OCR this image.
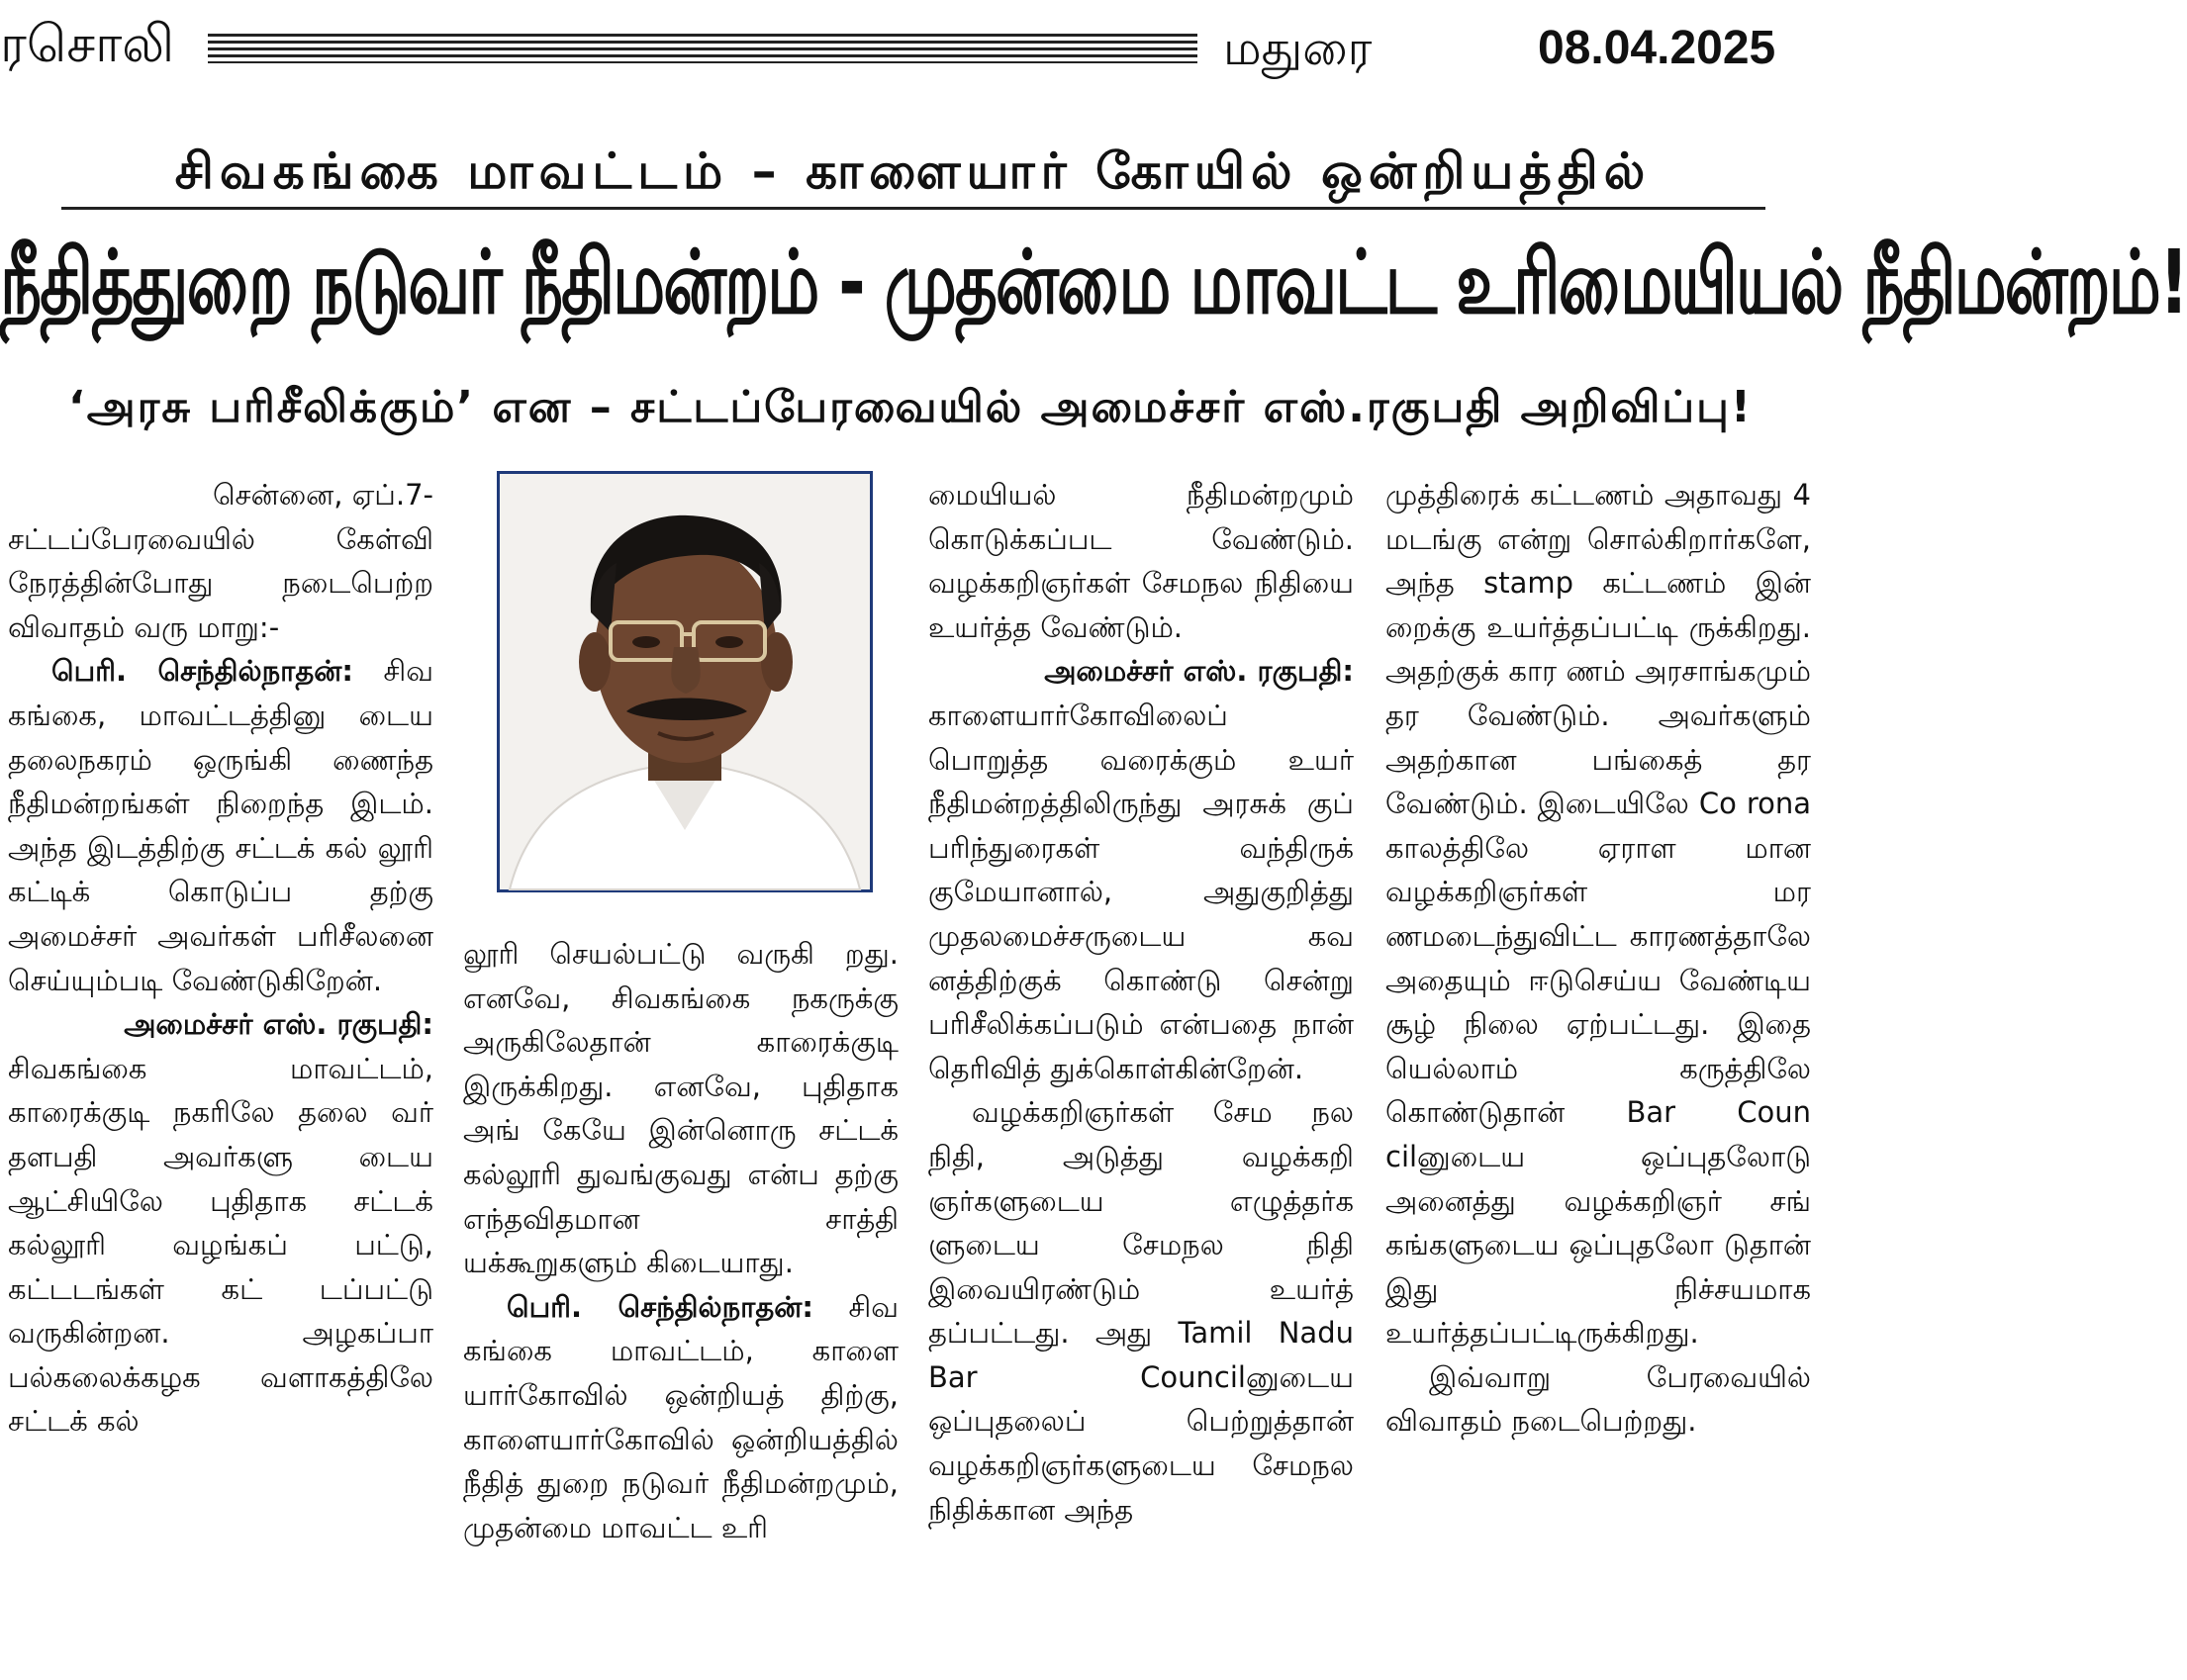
ரசொலி	மதுரை	08.04.2025
சிவகங்கை மாவட்டம் – காளையார் கோயில் ஒன்றியத்தில்
நீதித்துறை நடுவர் நீதிமன்றம் - முதன்மை மாவட்ட உரிமையியல் நீதிமன்றம்!
‘அரசு பரிசீலிக்கும்’ என – சட்டப்பேரவையில் அமைச்சர் எஸ்.ரகுபதி அறிவிப்பு!

சென்னை, ஏப்.7-

சட்டப்பேரவையில் கேள்வி நேரத்தின்போது நடைபெற்ற விவாதம் வரு மாறு:-

பெரி. செந்தில்நாதன்: சிவ கங்கை, மாவட்டத்தினு டைய தலைநகரம் ஒருங்கி ணைந்த நீதிமன்றங்கள் நிறைந்த இடம். அந்த இடத்திற்கு சட்டக் கல் லூரி கட்டிக் கொடுப்ப தற்கு அமைச்சர் அவர்கள் பரிசீலனை செய்யும்படி வேண்டுகிறேன்.

அமைச்சர் எஸ். ரகுபதி:

சிவகங்கை மாவட்டம், காரைக்குடி நகரிலே தலை வர் தளபதி அவர்களு டைய ஆட்சியிலே புதிதாக சட்டக் கல்லூரி வழங்கப் பட்டு, கட்டடங்கள் கட் டப்பட்டு வருகின்றன. அழகப்பா பல்கலைக்கழக வளாகத்திலே சட்டக் கல்

லூரி செயல்பட்டு வருகி றது. எனவே, சிவகங்கை நகருக்கு அருகிலேதான் காரைக்குடி இருக்கிறது. எனவே, புதிதாக அங் கேயே இன்னொரு சட்டக் கல்லூரி துவங்குவது என்ப தற்கு எந்தவிதமான சாத்தி யக்கூறுகளும் கிடையாது.

பெரி. செந்தில்நாதன்: சிவ கங்கை மாவட்டம், காளை யார்கோவில் ஒன்றியத் திற்கு, காளையார்கோவில் ஒன்றியத்தில் நீதித் துறை நடுவர் நீதிமன்றமும், முதன்மை மாவட்ட உரி

மையியல் நீதிமன்றமும் கொடுக்கப்பட வேண்டும். வழக்கறிஞர்கள் சேமநல நிதியை உயர்த்த வேண்டும்.

அமைச்சர் எஸ். ரகுபதி:

காளையார்கோவிலைப் பொறுத்த வரைக்கும் உயர் நீதிமன்றத்திலிருந்து அரசுக் குப் பரிந்துரைகள் வந்திருக் குமேயானால், அதுகுறித்து முதலமைச்சருடைய கவ னத்திற்குக் கொண்டு சென்று பரிசீலிக்கப்படும் என்பதை நான் தெரிவித் துக்கொள்கின்றேன்.

வழக்கறிஞர்கள் சேம நல நிதி, அடுத்து வழக்கறி ஞர்களுடைய எழுத்தர்க ளுடைய சேமநல நிதி இவையிரண்டும் உயர்த் தப்பட்டது. அது Tamil Nadu Bar Councilனுடைய ஒப்புதலைப் பெற்றுத்தான் வழக்கறிஞர்களுடைய சேமநல நிதிக்கான அந்த

முத்திரைக் கட்டணம் அதாவது 4 மடங்கு என்று சொல்கிறார்களே, அந்த stamp கட்டணம் இன் றைக்கு உயர்த்தப்பட்டி ருக்கிறது. அதற்குக் கார ணம் அரசாங்கமும் தர வேண்டும். அவர்களும் அதற்கான பங்கைத் தர வேண்டும். இடையிலே Co rona காலத்திலே ஏராள மான வழக்கறிஞர்கள் மர ணமடைந்துவிட்ட காரணத்தாலே அதையும் ஈடுசெய்ய வேண்டிய சூழ் நிலை ஏற்பட்டது. இதை யெல்லாம் கருத்திலே கொண்டுதான் Bar Coun cilனுடைய ஒப்புதலோடு அனைத்து வழக்கறிஞர் சங் கங்களுடைய ஒப்புதலோ டுதான் இது நிச்சயமாக உயர்த்தப்பட்டிருக்கிறது.

இவ்வாறு பேரவையில் விவாதம் நடைபெற்றது.
